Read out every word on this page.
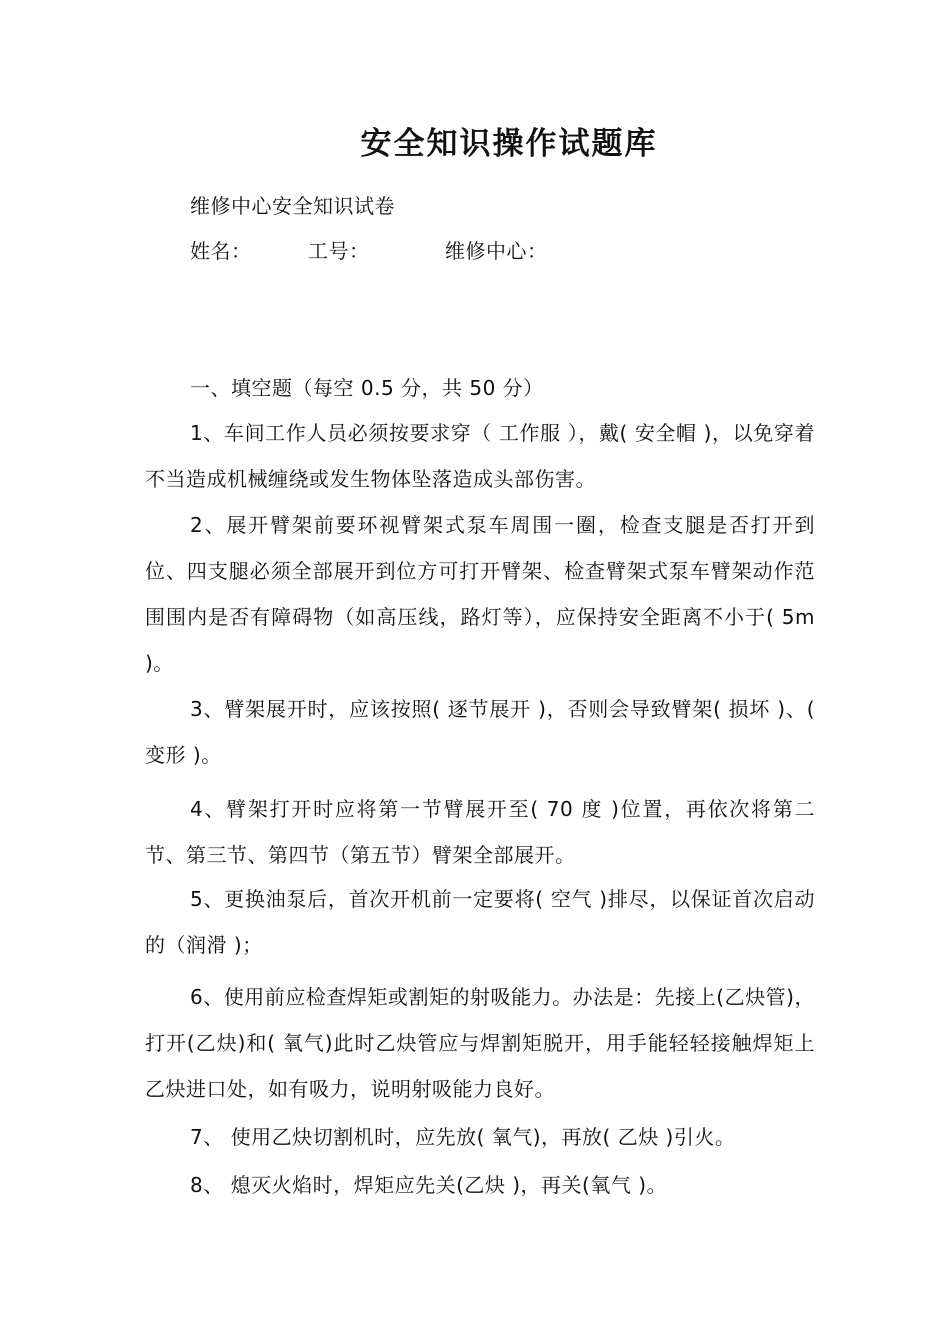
安全知识操作试题库
维修中心安全知识试卷
姓名：	工号：	维修中心：
一、填空题（每空 0.5 分，共 50 分）
1、车间工作人员必须按要求穿（ 工作服 ），戴( 安全帽 )，以免穿着不当造成机械缠绕或发生物体坠落造成头部伤害。
2、展开臂架前要环视臂架式泵车周围一圈，检查支腿是否打开到位、四支腿必须全部展开到位方可打开臂架、检查臂架式泵车臂架动作范围围内是否有障碍物（如高压线，路灯等），应保持安全距离不小于( 5m )。
3、臂架展开时，应该按照( 逐节展开 )，否则会导致臂架( 损坏 )、( 变形 )。
4、臂架打开时应将第一节臂展开至( 70 度 )位置，再依次将第二节、第三节、第四节（第五节）臂架全部展开。
5、更换油泵后，首次开机前一定要将( 空气 )排尽，以保证首次启动的（润滑 )；
6、使用前应检查焊矩或割矩的射吸能力。办法是：先接上(乙炔管)，打开(乙炔)和( 氧气)此时乙炔管应与焊割矩脱开，用手能轻轻接触焊矩上乙炔进口处，如有吸力，说明射吸能力良好。
7、 使用乙炔切割机时，应先放( 氧气)，再放( 乙炔 )引火。
8、 熄灭火焰时，焊矩应先关(乙炔 )，再关(氧气 )。
